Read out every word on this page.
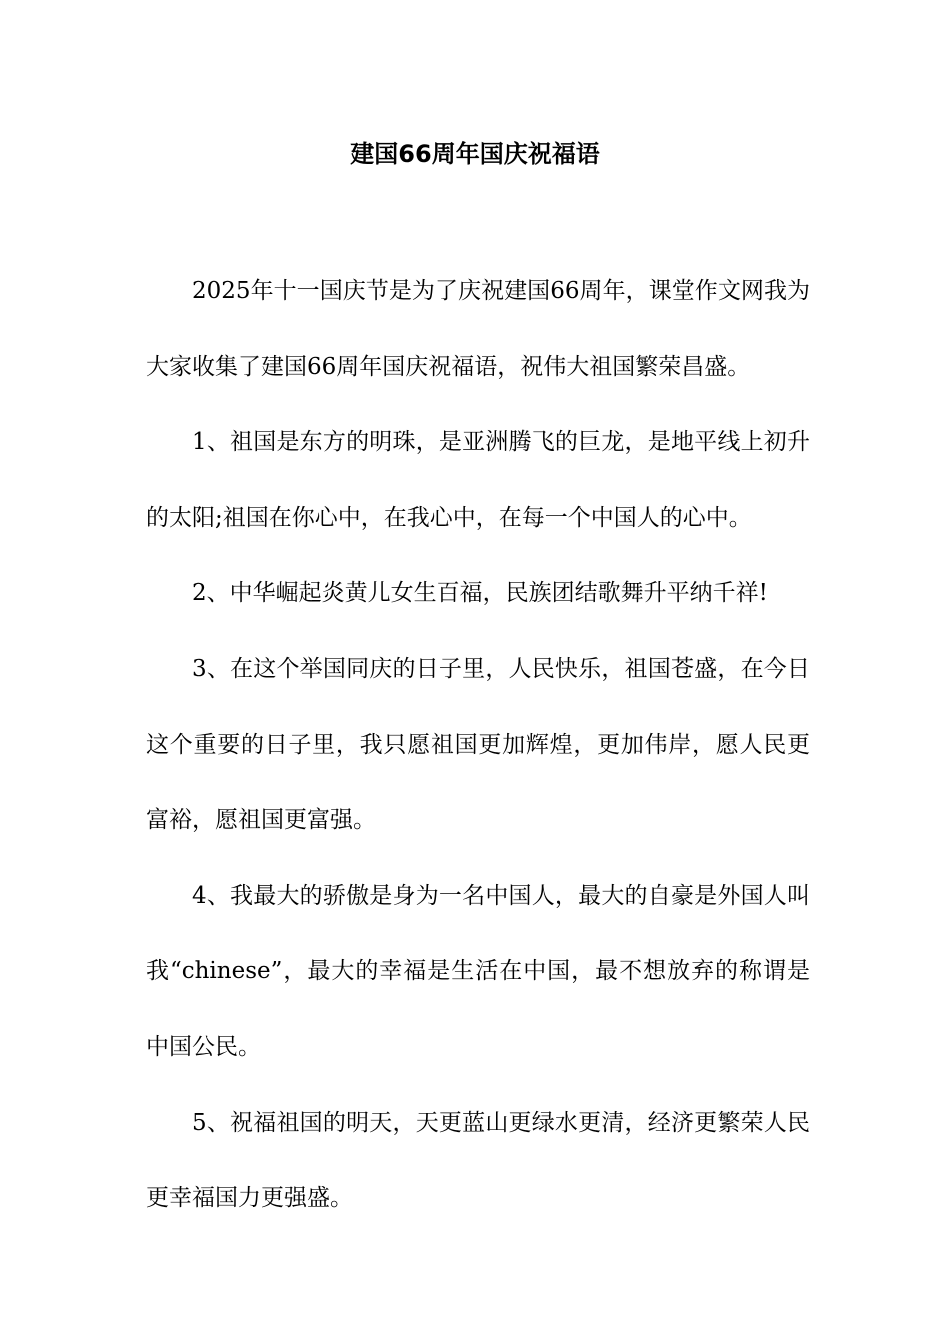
建国66周年国庆祝福语

2025年十一国庆节是为了庆祝建国66周年，课堂作文网我为大家收集了建国66周年国庆祝福语，祝伟大祖国繁荣昌盛。

1、祖国是东方的明珠，是亚洲腾飞的巨龙，是地平线上初升的太阳;祖国在你心中，在我心中，在每一个中国人的心中。

2、中华崛起炎黄儿女生百福，民族团结歌舞升平纳千祥!

3、在这个举国同庆的日子里，人民快乐，祖国苍盛，在今日这个重要的日子里，我只愿祖国更加辉煌，更加伟岸，愿人民更富裕，愿祖国更富强。

4、我最大的骄傲是身为一名中国人，最大的自豪是外国人叫我“chinese”，最大的幸福是生活在中国，最不想放弃的称谓是中国公民。

5、祝福祖国的明天，天更蓝山更绿水更清，经济更繁荣人民更幸福国力更强盛。
